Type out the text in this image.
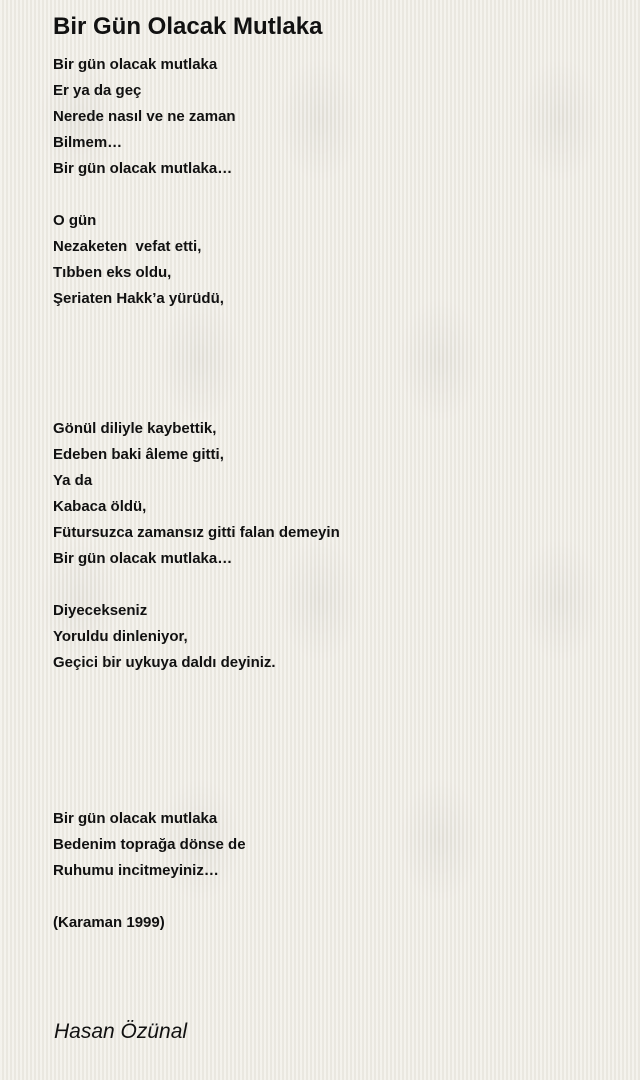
Bir Gün Olacak Mutlaka
Bir gün olacak mutlaka
Er ya da geç
Nerede nasıl ve ne zaman
Bilmem…
Bir gün olacak mutlaka…
O gün
Nezaketen  vefat etti,
Tıbben eks oldu,
Şeriaten Hakk’a yürüdü,
Gönül diliyle kaybettik,
Edeben baki âleme gitti,
Ya da
Kabaca öldü,
Fütursuzca zamansız gitti falan demeyin
Bir gün olacak mutlaka…
Diyecekseniz
Yoruldu dinleniyor,
Geçici bir uykuya daldı deyiniz.
Bir gün olacak mutlaka
Bedenim toprağa dönse de
Ruhumu incitmeyiniz…
(Karaman 1999)
Hasan Özünal
